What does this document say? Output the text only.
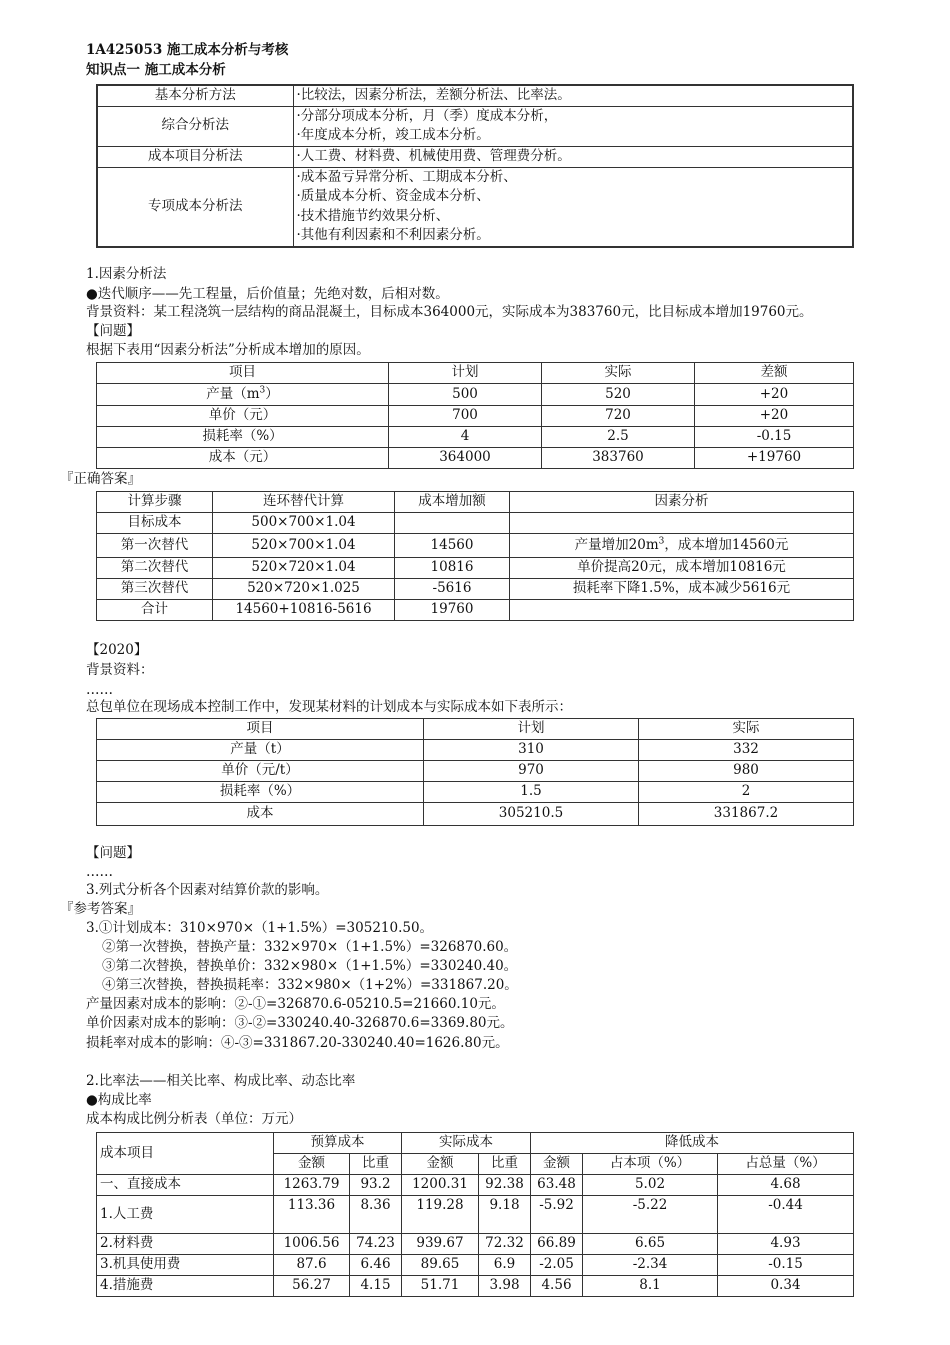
1A425053 施工成本分析与考核
知识点一 施工成本分析
基本分析方法	·比较法，因素分析法，差额分析法、比率法。
综合分析法	·分部分项成本分析，月（季）度成本分析，
·年度成本分析，竣工成本分析。

成本项目分析法	·人工费、材料费、机械使用费、管理费分析。
专项成本分析法	·成本盈亏异常分析、工期成本分析、
·质量成本分析、资金成本分析、
·技术措施节约效果分析、
·其他有利因素和不利因素分析。
1.因素分析法
●迭代顺序——先工程量，后价值量；先绝对数，后相对数。
背景资料：某工程浇筑一层结构的商品混凝土，目标成本364000元，实际成本为383760元，比目标成本增加19760元。
【问题】
根据下表用“因素分析法”分析成本增加的原因。
项目	计划	实际	差额
产量$(m^3)$	500	520	+20
单价（元）	700	720	+20
损耗率（%）	4	2.5	-0.15
成本（元）	364000	383760	+19760
『正确答案』
计算步骤	连环替代计算	成本增加额	因素分析
目标成本	500×700×1.04		
第一次替代	520×700×1.04	14560	产量增加$20m^3$，成本增加14560元
第二次替代	520×720×1.04	10816	单价提高20元，成本增加10816元
第三次替代	520×720×1.025	-5616	损耗率下降1.5%，成本减少5616元
合计	14560+10816-5616	19760	
【2020】
背景资料：
……
总包单位在现场成本控制工作中，发现某材料的计划成本与实际成本如下表所示：
项目	计划	实际
产量（t）	310	332
单价（元/t）	970	980
损耗率（%）	1.5	2
成本	305210.5	331867.2
【问题】
……
3.列式分析各个因素对结算价款的影响。
『参考答案』
3.①计划成本：310×970×（1+1.5%）=305210.50。
②第一次替换，替换产量：332×970×（1+1.5%）=326870.60。
③第二次替换，替换单价：332×980×（1+1.5%）=330240.40。
④第三次替换，替换损耗率：332×980×（1+2%）=331867.20。
产量因素对成本的影响：②-①=326870.6-05210.5=21660.10元。
单价因素对成本的影响：③-②=330240.40-326870.6=3369.80元。
损耗率对成本的影响：④-③=331867.20-330240.40=1626.80元。
2.比率法——相关比率、构成比率、动态比率
●构成比率
成本构成比例分析表（单位：万元）
成本项目	预算成本		实际成本		降低成本		
	金额	比重	金额	比重	金额	占本项（%）	占总量（%）
一、直接成本	1263.79	93.2	1200.31	92.38	63.48	5.02	4.68
1.人工费	113.36	8.36	119.28	9.18	-5.92	-5.22	-0.44
2.材料费	1006.56	74.23	939.67	72.32	66.89	6.65	4.93
3.机具使用费	87.6	6.46	89.65	6.9	-2.05	-2.34	-0.15
4.措施费	56.27	4.15	51.71	3.98	4.56	8.1	0.34
